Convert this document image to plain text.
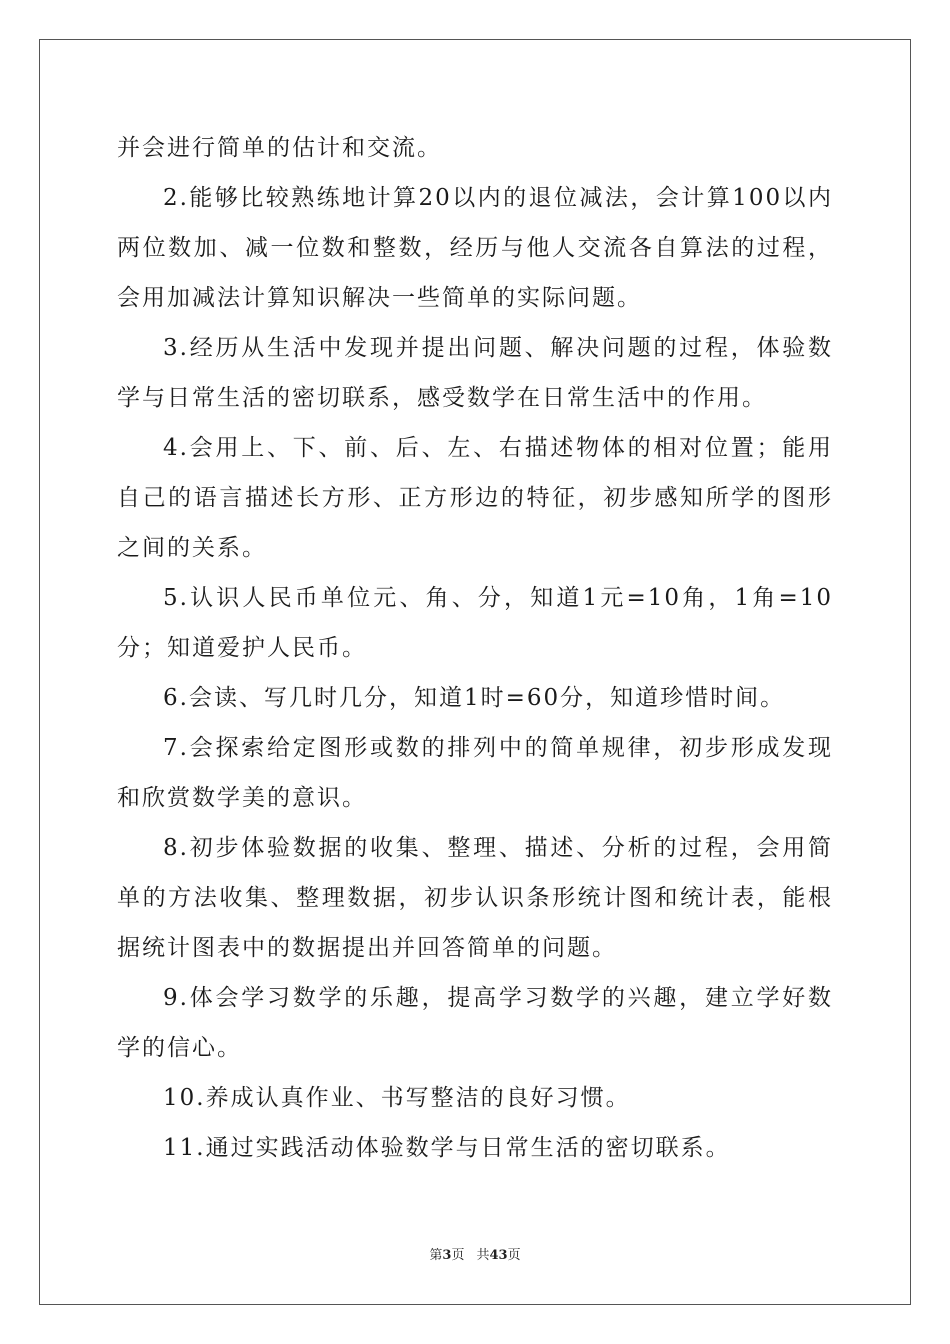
并会进行简单的估计和交流。

2.能够比较熟练地计算20以内的退位减法，会计算100以内两位数加、减一位数和整数，经历与他人交流各自算法的过程，会用加减法计算知识解决一些简单的实际问题。

3.经历从生活中发现并提出问题、解决问题的过程，体验数学与日常生活的密切联系，感受数学在日常生活中的作用。

4.会用上、下、前、后、左、右描述物体的相对位置；能用自己的语言描述长方形、正方形边的特征，初步感知所学的图形之间的关系。

5.认识人民币单位元、角、分，知道1元=10角，1角=10分；知道爱护人民币。

6.会读、写几时几分，知道1时=60分，知道珍惜时间。

7.会探索给定图形或数的排列中的简单规律，初步形成发现和欣赏数学美的意识。

8.初步体验数据的收集、整理、描述、分析的过程，会用简单的方法收集、整理数据，初步认识条形统计图和统计表，能根据统计图表中的数据提出并回答简单的问题。

9.体会学习数学的乐趣，提高学习数学的兴趣，建立学好数学的信心。

10.养成认真作业、书写整洁的良好习惯。

11.通过实践活动体验数学与日常生活的密切联系。

第3页 共43页
